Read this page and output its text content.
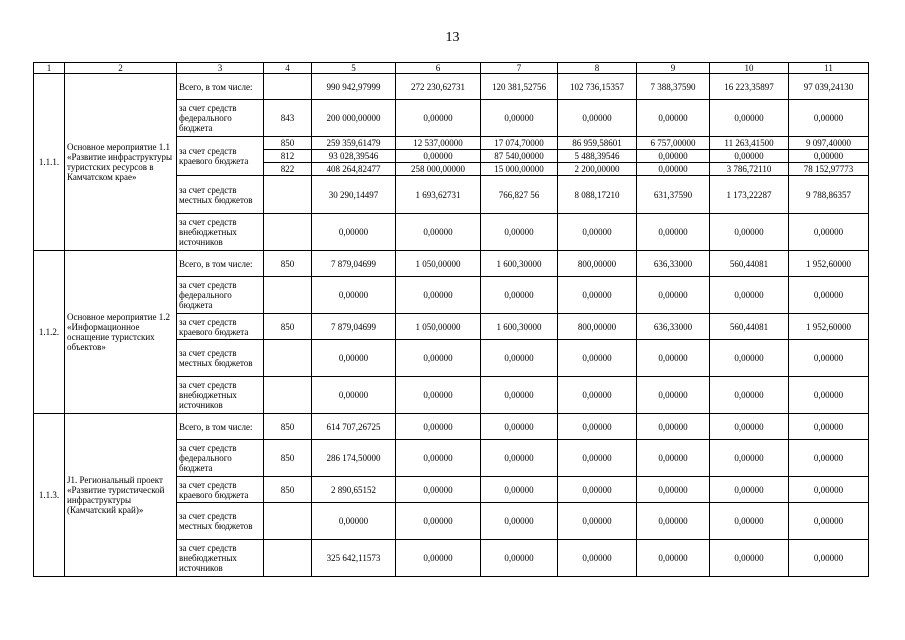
13
1	2	3	4	5	6	7	8	9	10	11
1.1.1.	Основное мероприятие 1.1 «Развитие инфраструктуры туристских ресурсов в Камчатском крае»	Всего, в том числе:		990 942,97999	272 230,62731	120 381,52756	102 736,15357	7 388,37590	16 223,35897	97 039,24130
		за счет средств федерального бюджета	843	200 000,00000	0,00000	0,00000	0,00000	0,00000	0,00000	0,00000
		за счет средств краевого бюджета	850	259 359,61479	12 537,00000	17 074,70000	86 959,58601	6 757,00000	11 263,41500	9 097,40000
			812	93 028,39546	0,00000	87 540,00000	5 488,39546	0,00000	0,00000	0,00000
			822	408 264,82477	258 000,00000	15 000,00000	2 200,00000	0,00000	3 786,72110	78 152,97773
		за счет средств местных бюджетов		30 290,14497	1 693,62731	766,827 56	8 088,17210	631,37590	1 173,22287	9 788,86357
		за счет средств внебюджетных источников		0,00000	0,00000	0,00000	0,00000	0,00000	0,00000	0,00000
1.1.2.	Основное мероприятие 1.2 «Информационное оснащение туристских объектов»	Всего, в том числе:	850	7 879,04699	1 050,00000	1 600,30000	800,00000	636,33000	560,44081	1 952,60000
		за счет средств федерального бюджета		0,00000	0,00000	0,00000	0,00000	0,00000	0,00000	0,00000
		за счет средств краевого бюджета	850	7 879,04699	1 050,00000	1 600,30000	800,00000	636,33000	560,44081	1 952,60000
		за счет средств местных бюджетов		0,00000	0,00000	0,00000	0,00000	0,00000	0,00000	0,00000
		за счет средств внебюджетных источников		0,00000	0,00000	0,00000	0,00000	0,00000	0,00000	0,00000
1.1.3.	J1. Региональный проект «Развитие туристической инфраструктуры (Камчатский край)»	Всего, в том числе:	850	614 707,26725	0,00000	0,00000	0,00000	0,00000	0,00000	0,00000
		за счет средств федерального бюджета	850	286 174,50000	0,00000	0,00000	0,00000	0,00000	0,00000	0,00000
		за счет средств краевого бюджета	850	2 890,65152	0,00000	0,00000	0,00000	0,00000	0,00000	0,00000
		за счет средств местных бюджетов		0,00000	0,00000	0,00000	0,00000	0,00000	0,00000	0,00000
		за счет средств внебюджетных источников		325 642,11573	0,00000	0,00000	0,00000	0,00000	0,00000	0,00000
